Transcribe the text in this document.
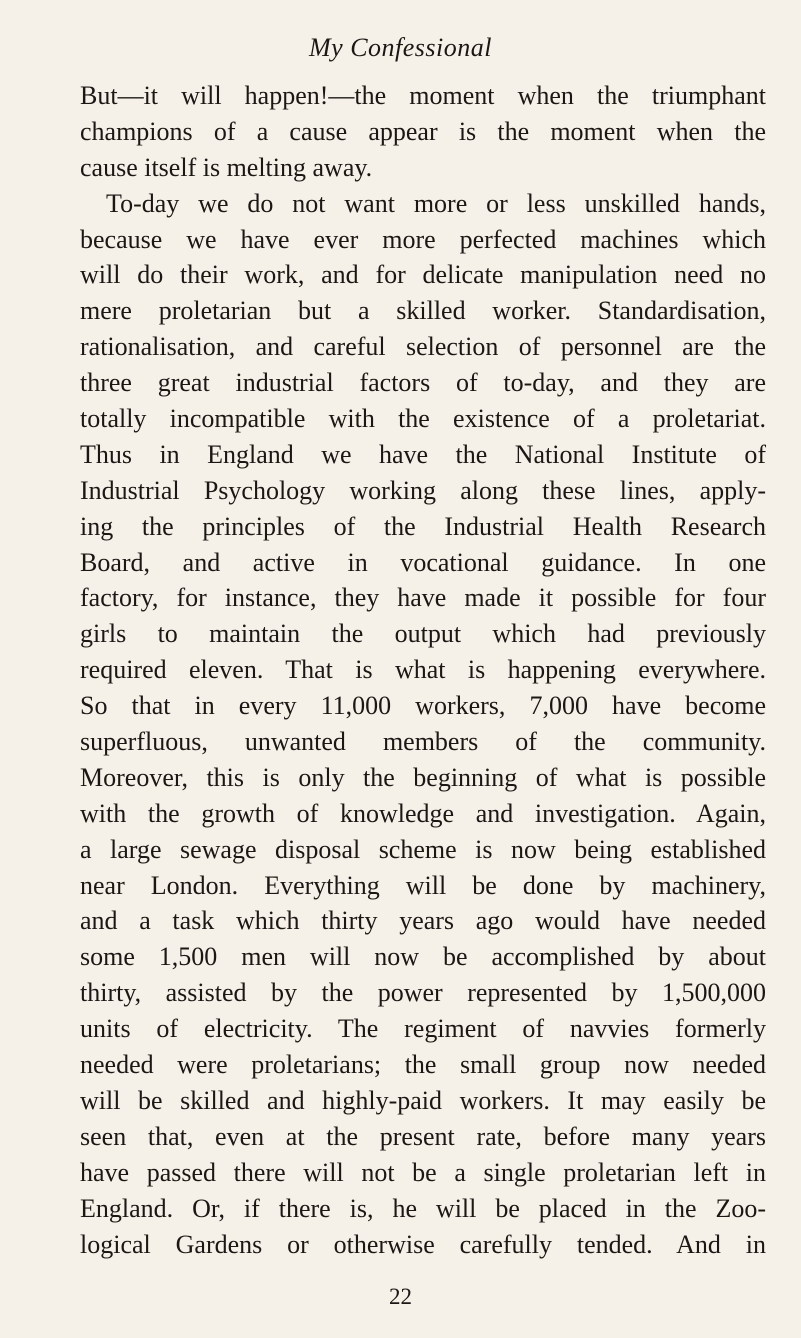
My Confessional
But—it will happen!—the moment when the triumphant
champions of a cause appear is the moment when the
cause itself is melting away.
To-day we do not want more or less unskilled hands,
because we have ever more perfected machines which
will do their work, and for delicate manipulation need no
mere proletarian but a skilled worker. Standardisation,
rationalisation, and careful selection of personnel are the
three great industrial factors of to-day, and they are
totally incompatible with the existence of a proletariat.
Thus in England we have the National Institute of
Industrial Psychology working along these lines, apply-
ing the principles of the Industrial Health Research
Board, and active in vocational guidance. In one
factory, for instance, they have made it possible for four
girls to maintain the output which had previously
required eleven. That is what is happening everywhere.
So that in every 11,000 workers, 7,000 have become
superfluous, unwanted members of the community.
Moreover, this is only the beginning of what is possible
with the growth of knowledge and investigation. Again,
a large sewage disposal scheme is now being established
near London. Everything will be done by machinery,
and a task which thirty years ago would have needed
some 1,500 men will now be accomplished by about
thirty, assisted by the power represented by 1,500,000
units of electricity. The regiment of navvies formerly
needed were proletarians; the small group now needed
will be skilled and highly-paid workers. It may easily be
seen that, even at the present rate, before many years
have passed there will not be a single proletarian left in
England. Or, if there is, he will be placed in the Zoo-
logical Gardens or otherwise carefully tended. And in
22
